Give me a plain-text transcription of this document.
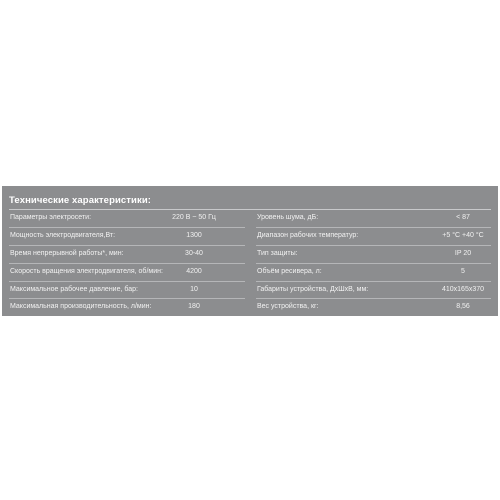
Технические характеристики:
Параметры электросети:	220 В ~ 50 Гц
Мощность электродвигателя,Вт:	1300
Время непрерывной работы*, мин:	30-40
Скорость вращения электродвигателя, об/мин:	4200
Максимальное рабочее давление, бар:	10
Максимальная производительность, л/мин:	180
Уровень шума, дБ:	< 87
Диапазон рабочих температур:	+5 °С +40 °С
Тип защиты:	IP 20
Объём ресивера, л:	5
Габариты устройства, ДхШхВ, мм:	410х165х370
Вес устройства, кг:	8,56
